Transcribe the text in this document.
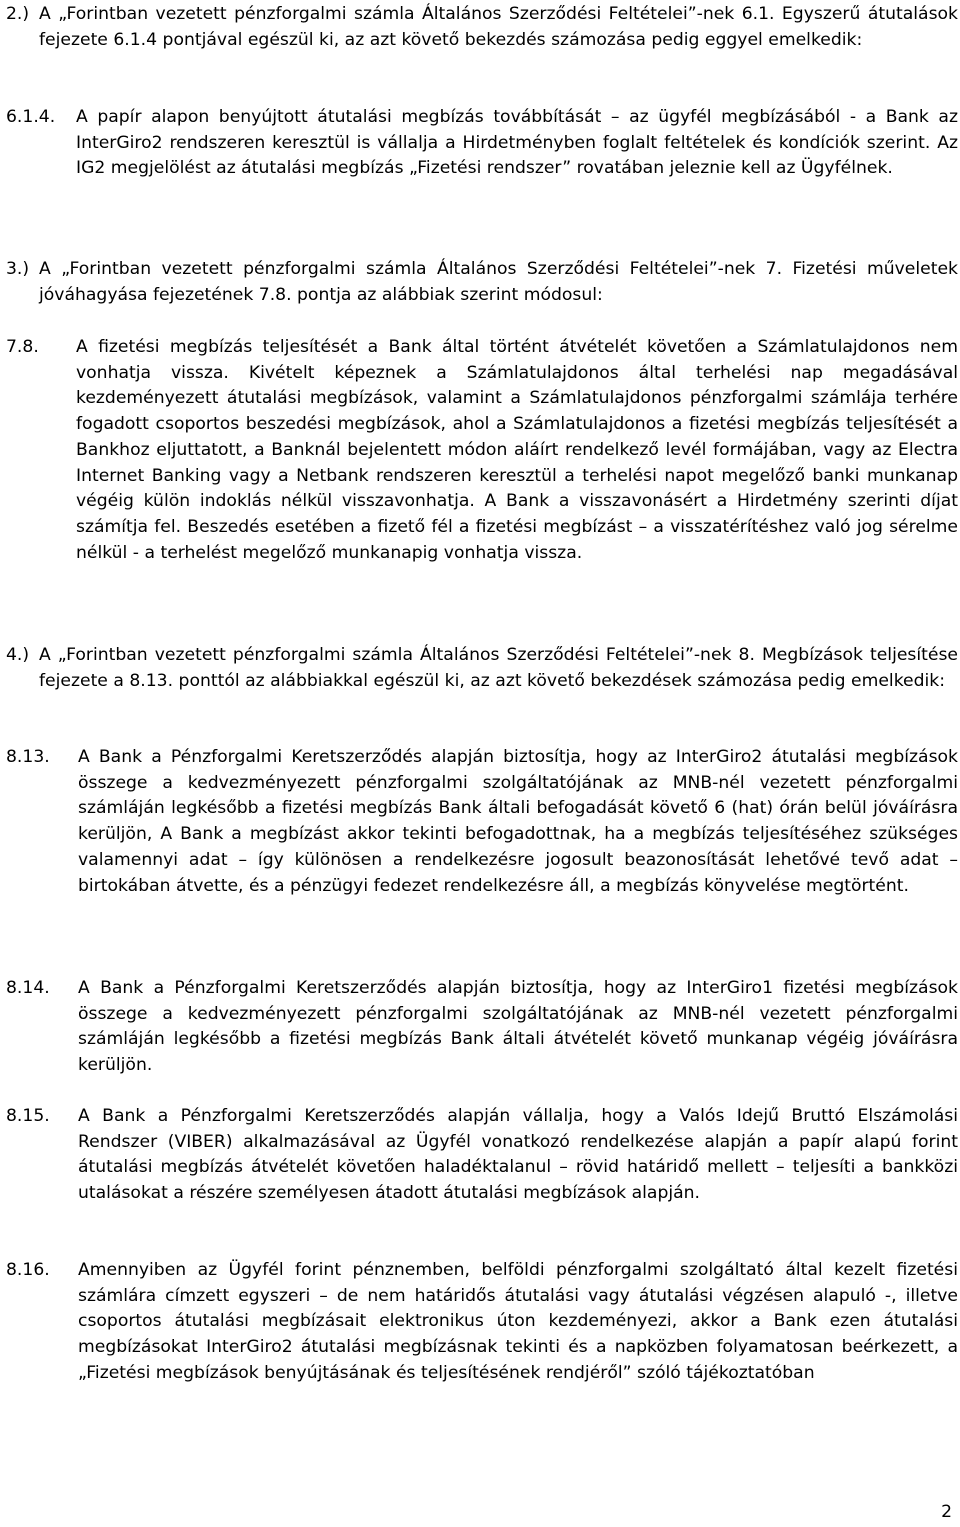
2.) A „Forintban vezetett pénzforgalmi számla Általános Szerződési Feltételei”-nek 6.1. Egyszerű átutalások fejezete 6.1.4 pontjával egészül ki, az azt követő bekezdés számozása pedig eggyel emelkedik:

6.1.4. A papír alapon benyújtott átutalási megbízás továbbítását – az ügyfél megbízásából - a Bank az InterGiro2 rendszeren keresztül is vállalja a Hirdetményben foglalt feltételek és kondíciók szerint. Az IG2 megjelölést az átutalási megbízás „Fizetési rendszer” rovatában jeleznie kell az Ügyfélnek.

3.) A „Forintban vezetett pénzforgalmi számla Általános Szerződési Feltételei”-nek 7. Fizetési műveletek jóváhagyása fejezetének 7.8. pontja az alábbiak szerint módosul:

7.8. A fizetési megbízás teljesítését a Bank által történt átvételét követően a Számlatulajdonos nem vonhatja vissza. Kivételt képeznek a Számlatulajdonos által terhelési nap megadásával kezdeményezett átutalási megbízások, valamint a Számlatulajdonos pénzforgalmi számlája terhére fogadott csoportos beszedési megbízások, ahol a Számlatulajdonos a fizetési megbízás teljesítését a Bankhoz eljuttatott, a Banknál bejelentett módon aláírt rendelkező levél formájában, vagy az Electra Internet Banking vagy a Netbank rendszeren keresztül a terhelési napot megelőző banki munkanap végéig külön indoklás nélkül visszavonhatja. A Bank a visszavonásért a Hirdetmény szerinti díjat számítja fel. Beszedés esetében a fizető fél a fizetési megbízást – a visszatérítéshez való jog sérelme nélkül - a terhelést megelőző munkanapig vonhatja vissza.

4.) A „Forintban vezetett pénzforgalmi számla Általános Szerződési Feltételei”-nek 8. Megbízások teljesítése fejezete a 8.13. ponttól az alábbiakkal egészül ki, az azt követő bekezdések számozása pedig emelkedik:

8.13. A Bank a Pénzforgalmi Keretszerződés alapján biztosítja, hogy az InterGiro2 átutalási megbízások összege a kedvezményezett pénzforgalmi szolgáltatójának az MNB-nél vezetett pénzforgalmi számláján legkésőbb a fizetési megbízás Bank általi befogadását követő 6 (hat) órán belül jóváírásra kerüljön, A Bank a megbízást akkor tekinti befogadottnak, ha a megbízás teljesítéséhez szükséges valamennyi adat – így különösen a rendelkezésre jogosult beazonosítását lehetővé tevő adat – birtokában átvette, és a pénzügyi fedezet rendelkezésre áll, a megbízás könyvelése megtörtént.

8.14. A Bank a Pénzforgalmi Keretszerződés alapján biztosítja, hogy az InterGiro1 fizetési megbízások összege a kedvezményezett pénzforgalmi szolgáltatójának az MNB-nél vezetett pénzforgalmi számláján legkésőbb a fizetési megbízás Bank általi átvételét követő munkanap végéig jóváírásra kerüljön.

8.15. A Bank a Pénzforgalmi Keretszerződés alapján vállalja, hogy a Valós Idejű Bruttó Elszámolási Rendszer (VIBER) alkalmazásával az Ügyfél vonatkozó rendelkezése alapján a papír alapú forint átutalási megbízás átvételét követően haladéktalanul – rövid határidő mellett – teljesíti a bankközi utalásokat a részére személyesen átadott átutalási megbízások alapján.

8.16. Amennyiben az Ügyfél forint pénznemben, belföldi pénzforgalmi szolgáltató által kezelt fizetési számlára címzett egyszeri – de nem határidős átutalási vagy átutalási végzésen alapuló -, illetve csoportos átutalási megbízásait elektronikus úton kezdeményezi, akkor a Bank ezen átutalási megbízásokat InterGiro2 átutalási megbízásnak tekinti és a napközben folyamatosan beérkezett, a „Fizetési megbízások benyújtásának és teljesítésének rendjéről” szóló tájékoztatóban

2
